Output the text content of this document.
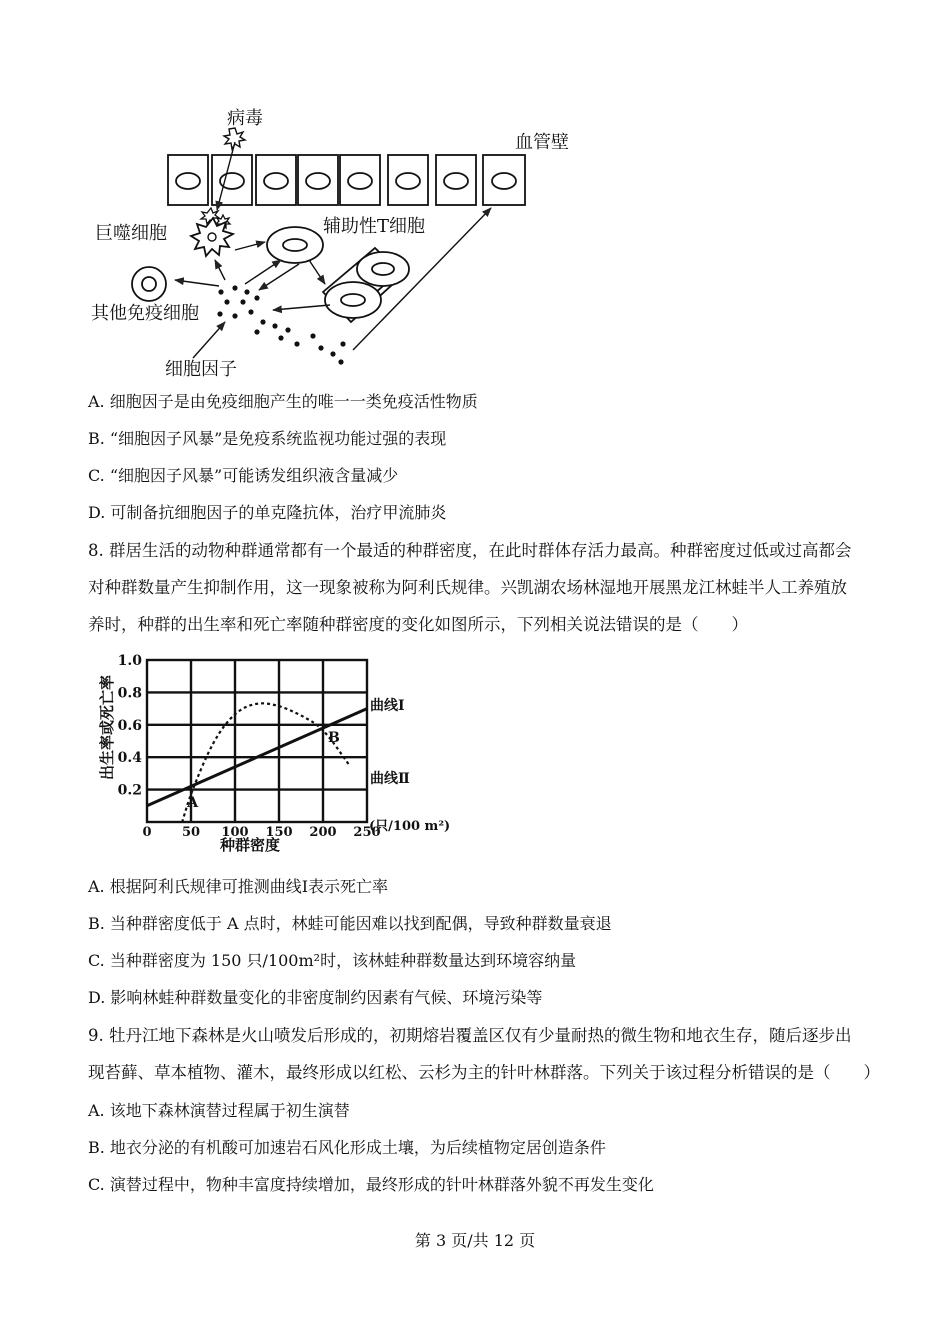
病毒
血管壁
巨噬细胞	辅助性T细胞
其他免疫细胞
细胞因子
A. 细胞因子是由免疫细胞产生的唯一一类免疫活性物质
B. “细胞因子风暴”是免疫系统监视功能过强的表现
C. “细胞因子风暴”可能诱发组织液含量减少
D. 可制备抗细胞因子的单克隆抗体，治疗甲流肺炎
8. 群居生活的动物种群通常都有一个最适的种群密度，在此时群体存活力最高。种群密度过低或过高都会
对种群数量产生抑制作用，这一现象被称为阿利氏规律。兴凯湖农场林湿地开展黑龙江林蛙半人工养殖放
养时，种群的出生率和死亡率随种群密度的变化如图所示，下列相关说法错误的是（　　）
出生率或死亡率
0.2
0.4
0.6
0.8
1.0
0 50 100 150 200 250
A
B
(只/100 m²)
种群密度
曲线Ⅰ
曲线Ⅱ
A. 根据阿利氏规律可推测曲线Ⅰ表示死亡率
B. 当种群密度低于 A 点时，林蛙可能因难以找到配偶，导致种群数量衰退
C. 当种群密度为 150 只/100m²时，该林蛙种群数量达到环境容纳量
D. 影响林蛙种群数量变化的非密度制约因素有气候、环境污染等
9. 牡丹江地下森林是火山喷发后形成的，初期熔岩覆盖区仅有少量耐热的微生物和地衣生存，随后逐步出
现苔藓、草本植物、灌木，最终形成以红松、云杉为主的针叶林群落。下列关于该过程分析错误的是（　　）
A. 该地下森林演替过程属于初生演替
B. 地衣分泌的有机酸可加速岩石风化形成土壤，为后续植物定居创造条件
C. 演替过程中，物种丰富度持续增加，最终形成的针叶林群落外貌不再发生变化
第 3 页/共 12 页
